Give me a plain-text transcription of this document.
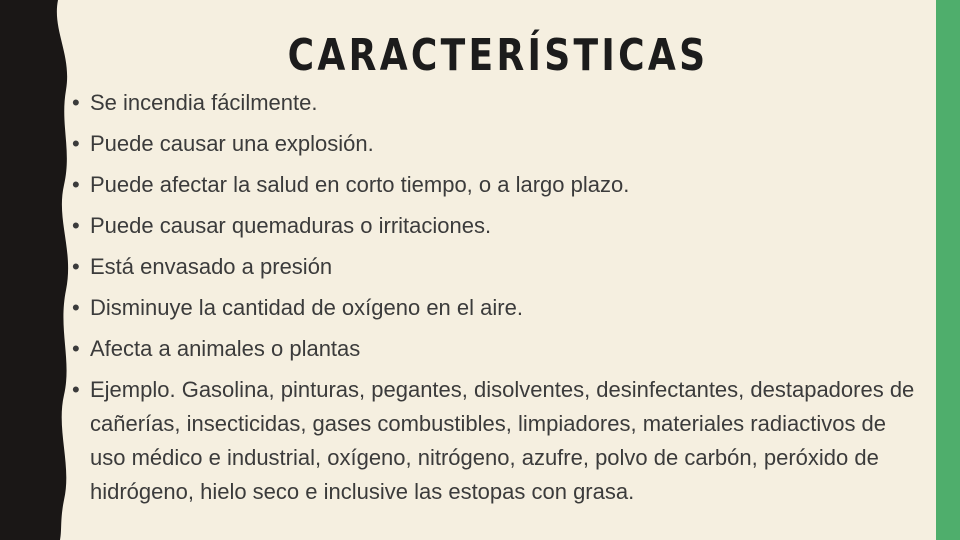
CARACTERÍSTICAS
• Se incendia fácilmente.
• Puede causar una explosión.
• Puede afectar la salud en corto tiempo, o a largo plazo.
• Puede causar quemaduras o irritaciones.
• Está envasado a presión
• Disminuye la cantidad de oxígeno en el aire.
• Afecta a animales o plantas
• Ejemplo. Gasolina, pinturas, pegantes, disolventes, desinfectantes, destapadores de cañerías, insecticidas, gases combustibles, limpiadores, materiales radiactivos de uso médico e industrial, oxígeno, nitrógeno, azufre, polvo de carbón, peróxido de hidrógeno, hielo seco e inclusive las estopas con grasa.
